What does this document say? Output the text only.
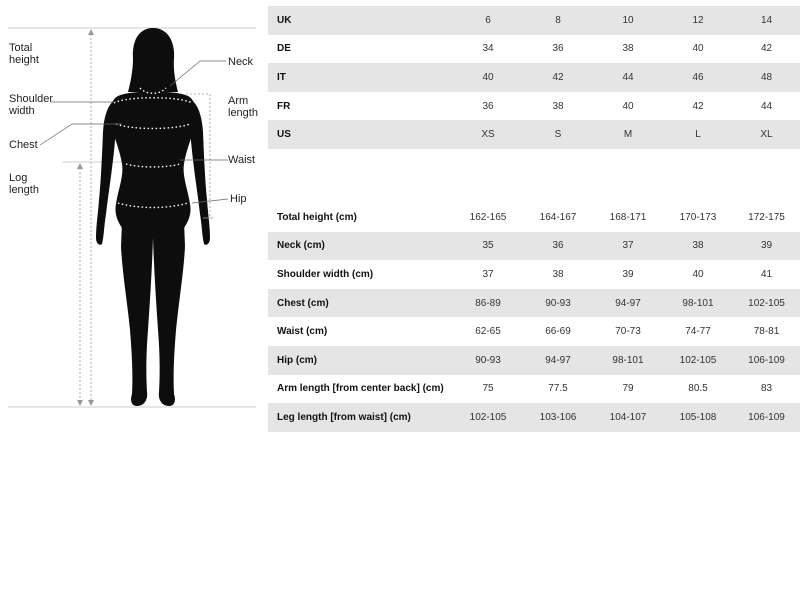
Total
height
Shoulder
width
Chest
Log
length
Neck
Arm
length
Waist
Hip
UK	6	8	10	12	14
DE	34	36	38	40	42
IT	40	42	44	46	48
FR	36	38	40	42	44
US	XS	S	M	L	XL
Total height (cm)	162-165	164-167	168-171	170-173	172-175
Neck (cm)	35	36	37	38	39
Shoulder width (cm)	37	38	39	40	41
Chest (cm)	86-89	90-93	94-97	98-101	102-105
Waist (cm)	62-65	66-69	70-73	74-77	78-81
Hip (cm)	90-93	94-97	98-101	102-105	106-109
Arm length [from center back] (cm)	75	77.5	79	80.5	83
Leg length [from waist] (cm)	102-105	103-106	104-107	105-108	106-109
